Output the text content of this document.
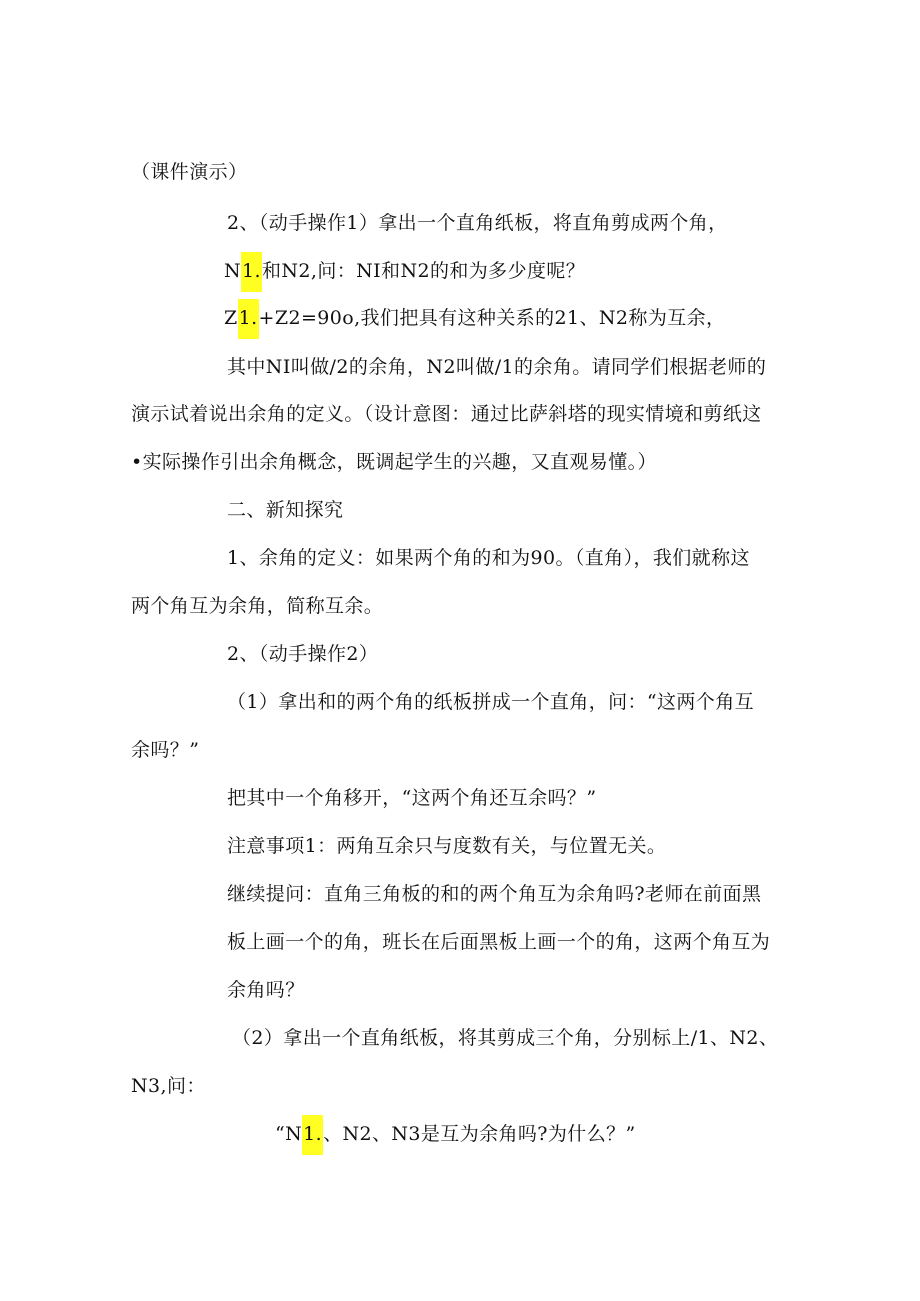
（课件演示）

2、（动手操作1）拿出一个直角纸板，将直角剪成两个角，

N1.和N2,问：NI和N2的和为多少度呢？

Z1.+Z2=90o,我们把具有这种关系的21、N2称为互余，

其中NI叫做/2的余角，N2叫做/1的余角。请同学们根据老师的

演示试着说出余角的定义。（设计意图：通过比萨斜塔的现实情境和剪纸这

•实际操作引出余角概念，既调起学生的兴趣，又直观易懂。）

二、新知探究

1、余角的定义：如果两个角的和为90。（直角），我们就称这

两个角互为余角，简称互余。

2、（动手操作2）

（1）拿出和的两个角的纸板拼成一个直角，问：“这两个角互

余吗？”

把其中一个角移开，“这两个角还互余吗？”

注意事项1：两角互余只与度数有关，与位置无关。

继续提问：直角三角板的和的两个角互为余角吗?老师在前面黑

板上画一个的角，班长在后面黑板上画一个的角，这两个角互为

余角吗？

（2）拿出一个直角纸板，将其剪成三个角，分别标上/1、N2、

N3,问：

“N1.、N2、N3是互为余角吗?为什么？”
